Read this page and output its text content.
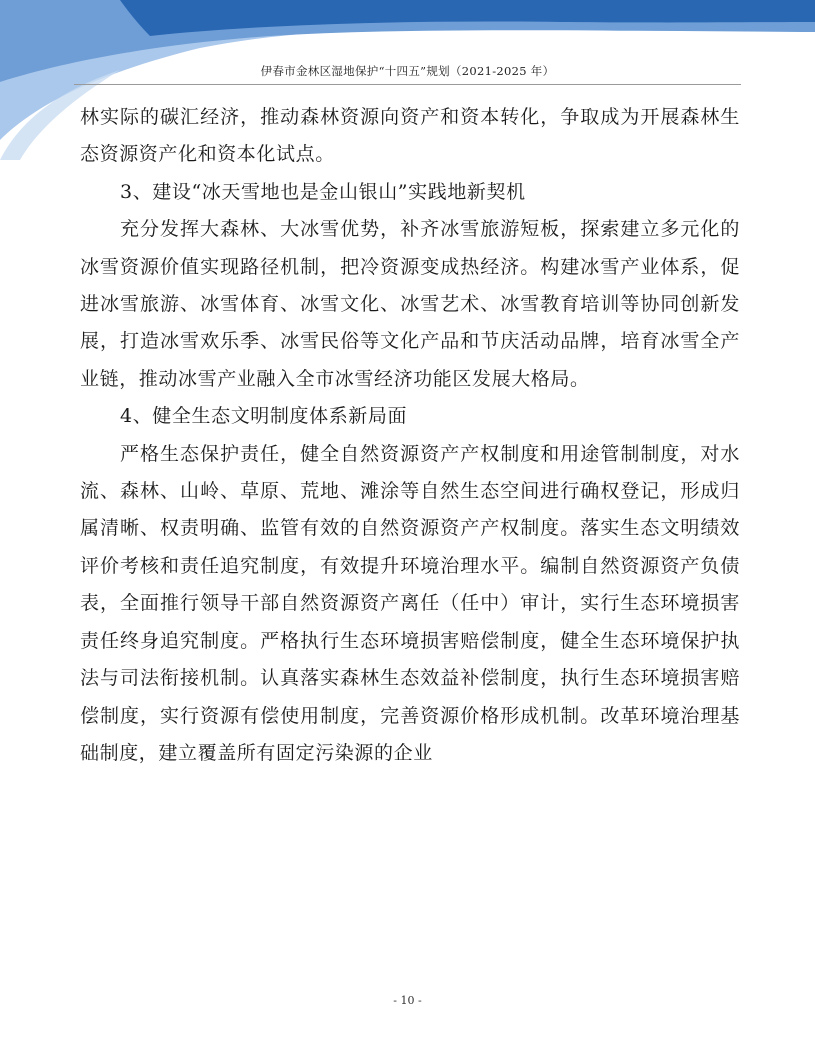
伊春市金林区湿地保护“十四五”规划（2021-2025 年）

林实际的碳汇经济，推动森林资源向资产和资本转化，争取成为开展森林生态资源资产化和资本化试点。

3、建设“冰天雪地也是金山银山”实践地新契机

充分发挥大森林、大冰雪优势，补齐冰雪旅游短板，探索建立多元化的冰雪资源价值实现路径机制，把冷资源变成热经济。构建冰雪产业体系，促进冰雪旅游、冰雪体育、冰雪文化、冰雪艺术、冰雪教育培训等协同创新发展，打造冰雪欢乐季、冰雪民俗等文化产品和节庆活动品牌，培育冰雪全产业链，推动冰雪产业融入全市冰雪经济功能区发展大格局。

4、健全生态文明制度体系新局面

严格生态保护责任，健全自然资源资产产权制度和用途管制制度，对水流、森林、山岭、草原、荒地、滩涂等自然生态空间进行确权登记，形成归属清晰、权责明确、监管有效的自然资源资产产权制度。落实生态文明绩效评价考核和责任追究制度，有效提升环境治理水平。编制自然资源资产负债表，全面推行领导干部自然资源资产离任（任中）审计，实行生态环境损害责任终身追究制度。严格执行生态环境损害赔偿制度，健全生态环境保护执法与司法衔接机制。认真落实森林生态效益补偿制度，执行生态环境损害赔偿制度，实行资源有偿使用制度，完善资源价格形成机制。改革环境治理基础制度，建立覆盖所有固定污染源的企业

- 10 -
